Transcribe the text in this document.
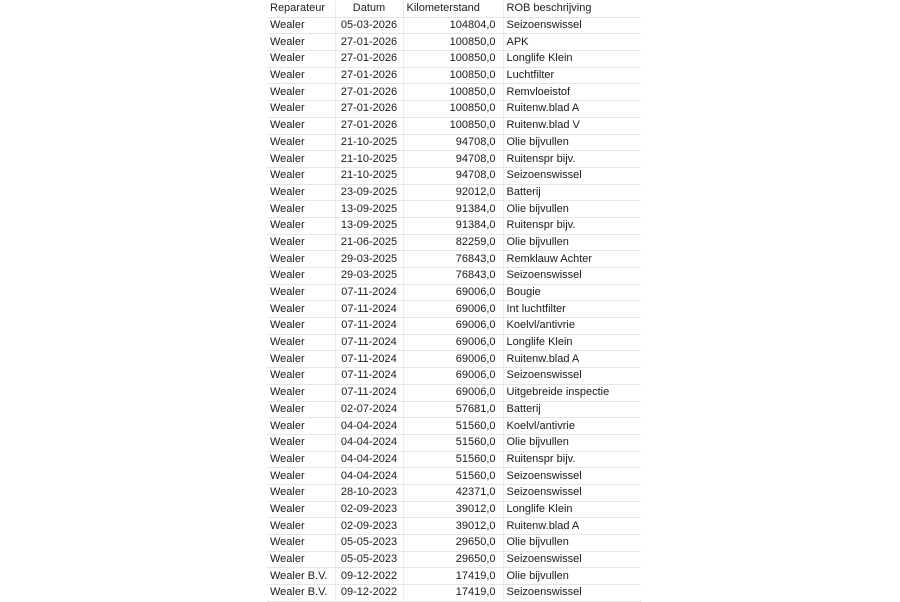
Reparateur	Datum	Kilometerstand	ROB beschrijving
Wealer	05-03-2026	104804,0	Seizoenswissel
Wealer	27-01-2026	100850,0	APK
Wealer	27-01-2026	100850,0	Longlife Klein
Wealer	27-01-2026	100850,0	Luchtfilter
Wealer	27-01-2026	100850,0	Remvloeistof
Wealer	27-01-2026	100850,0	Ruitenw.blad A
Wealer	27-01-2026	100850,0	Ruitenw.blad V
Wealer	21-10-2025	94708,0	Olie bijvullen
Wealer	21-10-2025	94708,0	Ruitenspr bijv.
Wealer	21-10-2025	94708,0	Seizoenswissel
Wealer	23-09-2025	92012,0	Batterij
Wealer	13-09-2025	91384,0	Olie bijvullen
Wealer	13-09-2025	91384,0	Ruitenspr bijv.
Wealer	21-06-2025	82259,0	Olie bijvullen
Wealer	29-03-2025	76843,0	Remklauw Achter
Wealer	29-03-2025	76843,0	Seizoenswissel
Wealer	07-11-2024	69006,0	Bougie
Wealer	07-11-2024	69006,0	Int luchtfilter
Wealer	07-11-2024	69006,0	Koelvl/antivrie
Wealer	07-11-2024	69006,0	Longlife Klein
Wealer	07-11-2024	69006,0	Ruitenw.blad A
Wealer	07-11-2024	69006,0	Seizoenswissel
Wealer	07-11-2024	69006,0	Uitgebreide inspectie
Wealer	02-07-2024	57681,0	Batterij
Wealer	04-04-2024	51560,0	Koelvl/antivrie
Wealer	04-04-2024	51560,0	Olie bijvullen
Wealer	04-04-2024	51560,0	Ruitenspr bijv.
Wealer	04-04-2024	51560,0	Seizoenswissel
Wealer	28-10-2023	42371,0	Seizoenswissel
Wealer	02-09-2023	39012,0	Longlife Klein
Wealer	02-09-2023	39012,0	Ruitenw.blad A
Wealer	05-05-2023	29650,0	Olie bijvullen
Wealer	05-05-2023	29650,0	Seizoenswissel
Wealer B.V.	09-12-2022	17419,0	Olie bijvullen
Wealer B.V.	09-12-2022	17419,0	Seizoenswissel
